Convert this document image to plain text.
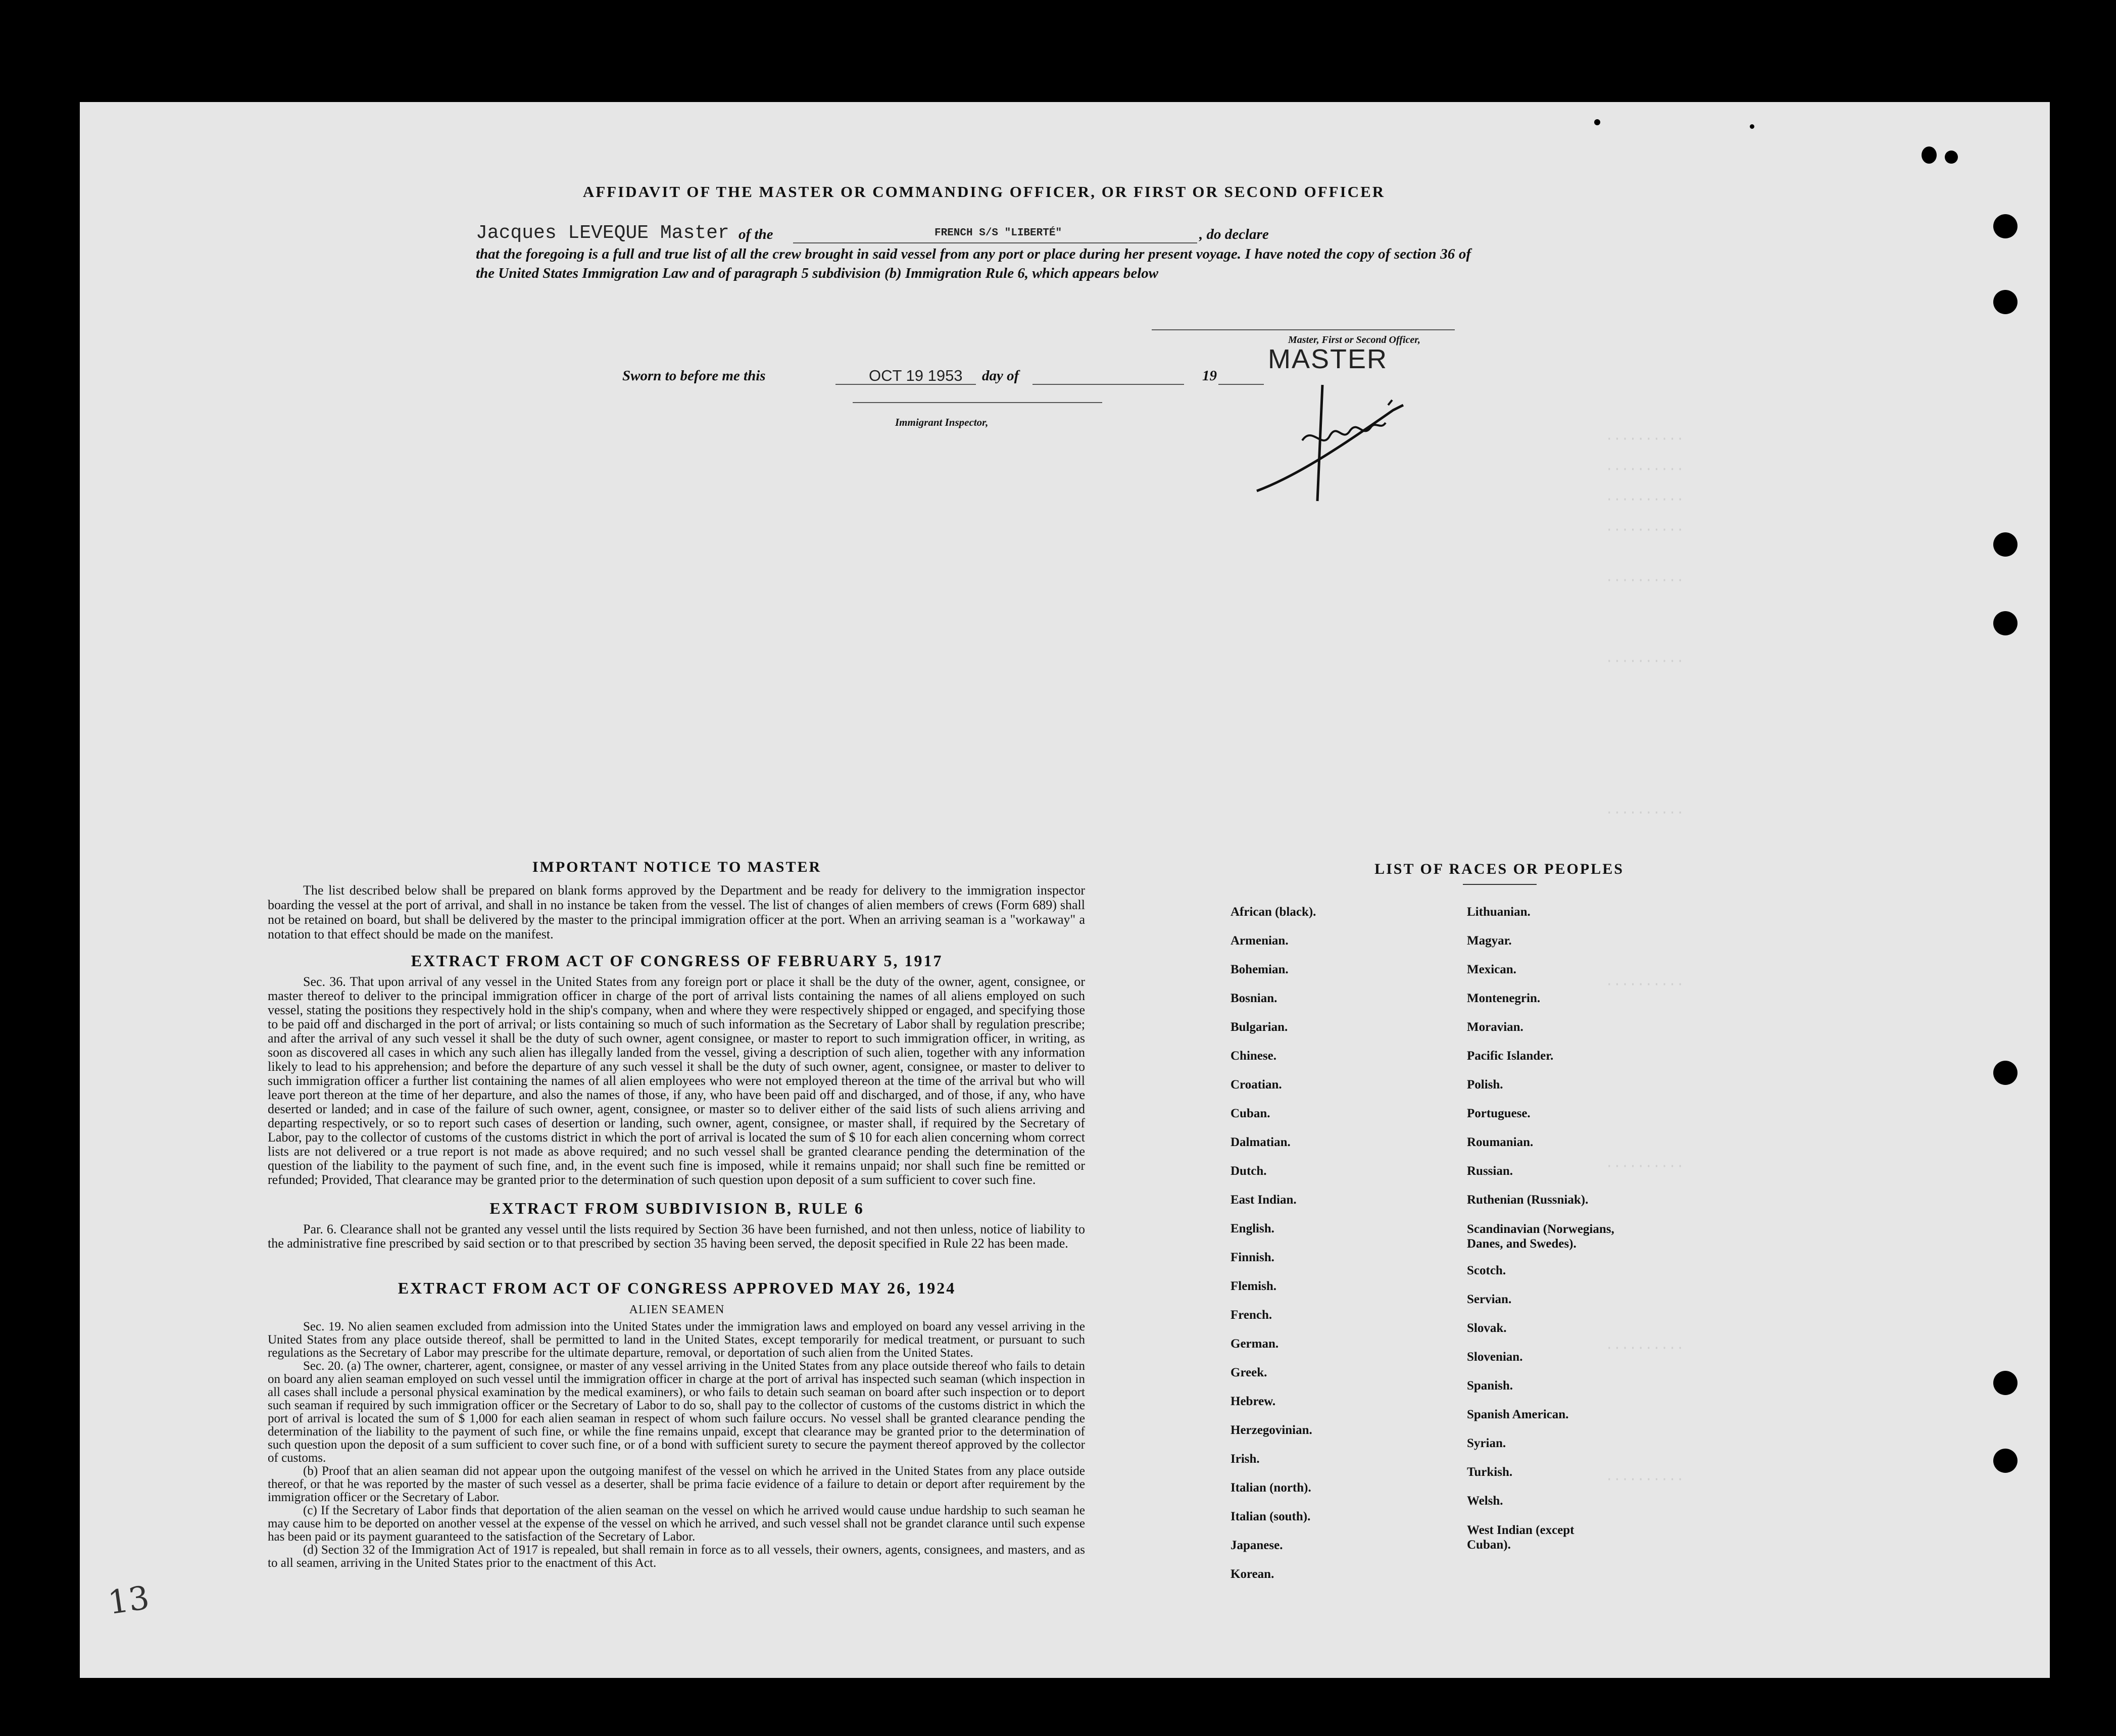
··········
··········
··········
··········
··········
··········
··········
··········
··········
··········
··········
AFFIDAVIT OF THE MASTER OR COMMANDING OFFICER, OR FIRST OR SECOND OFFICER
Jacques LEVEQUE Master of the	FRENCH S/S "LIBERTÉ"	, do declare
that the foregoing is a full and true list of all the crew brought in said vessel from any port or place during her present voyage. I have noted the copy of section 36 of the United States Immigration Law and of paragraph 5 subdivision (b) Immigration Rule 6, which appears below
Master, First or Second Officer,
MASTER
Sworn to before me this	OCT 19 1953 day of	19
Immigrant Inspector,
IMPORTANT NOTICE TO MASTER

The list described below shall be prepared on blank forms approved by the Department and be ready for delivery to the immigration inspector boarding the vessel at the port of arrival, and shall in no instance be taken from the vessel. The list of changes of alien members of crews (Form 689) shall not be retained on board, but shall be delivered by the master to the principal immigration officer at the port. When an arriving seaman is a "workaway" a notation to that effect should be made on the manifest.

EXTRACT FROM ACT OF CONGRESS OF FEBRUARY 5, 1917

Sec. 36. That upon arrival of any vessel in the United States from any foreign port or place it shall be the duty of the owner, agent, consignee, or master thereof to deliver to the principal immigration officer in charge of the port of arrival lists containing the names of all aliens employed on such vessel, stating the positions they respectively hold in the ship's company, when and where they were respectively shipped or engaged, and specifying those to be paid off and discharged in the port of arrival; or lists containing so much of such information as the Secretary of Labor shall by regulation prescribe; and after the arrival of any such vessel it shall be the duty of such owner, agent consignee, or master to report to such immigration officer, in writing, as soon as discovered all cases in which any such alien has illegally landed from the vessel, giving a description of such alien, together with any information likely to lead to his apprehension; and before the departure of any such vessel it shall be the duty of such owner, agent, consignee, or master to deliver to such immigration officer a further list containing the names of all alien employees who were not employed thereon at the time of the arrival but who will leave port thereon at the time of her departure, and also the names of those, if any, who have been paid off and discharged, and of those, if any, who have deserted or landed; and in case of the failure of such owner, agent, consignee, or master so to deliver either of the said lists of such aliens arriving and departing respectively, or so to report such cases of desertion or landing, such owner, agent, consignee, or master shall, if required by the Secretary of Labor, pay to the collector of customs of the customs district in which the port of arrival is located the sum of $ 10 for each alien concerning whom correct lists are not delivered or a true report is not made as above required; and no such vessel shall be granted clearance pending the determination of the question of the liability to the payment of such fine, and, in the event such fine is imposed, while it remains unpaid; nor shall such fine be remitted or refunded; Provided, That clearance may be granted prior to the determination of such question upon deposit of a sum sufficient to cover such fine.

EXTRACT FROM SUBDIVISION B, RULE 6

Par. 6. Clearance shall not be granted any vessel until the lists required by Section 36 have been furnished, and not then unless, notice of liability to the administrative fine prescribed by said section or to that prescribed by section 35 having been served, the deposit specified in Rule 22 has been made.

EXTRACT FROM ACT OF CONGRESS APPROVED MAY 26, 1924
ALIEN SEAMEN

Sec. 19. No alien seamen excluded from admission into the United States under the immigration laws and employed on board any vessel arriving in the United States from any place outside thereof, shall be permitted to land in the United States, except temporarily for medical treatment, or pursuant to such regulations as the Secretary of Labor may prescribe for the ultimate departure, removal, or deportation of such alien from the United States.

Sec. 20. (a) The owner, charterer, agent, consignee, or master of any vessel arriving in the United States from any place outside thereof who fails to detain on board any alien seaman employed on such vessel until the immigration officer in charge at the port of arrival has inspected such seaman (which inspection in all cases shall include a personal physical examination by the medical examiners), or who fails to detain such seaman on board after such inspection or to deport such seaman if required by such immigration officer or the Secretary of Labor to do so, shall pay to the collector of customs of the customs district in which the port of arrival is located the sum of $ 1,000 for each alien seaman in respect of whom such failure occurs. No vessel shall be granted clearance pending the determination of the liability to the payment of such fine, or while the fine remains unpaid, except that clearance may be granted prior to the determination of such question upon the deposit of a sum sufficient to cover such fine, or of a bond with sufficient surety to secure the payment thereof approved by the collector of customs.

(b) Proof that an alien seaman did not appear upon the outgoing manifest of the vessel on which he arrived in the United States from any place outside thereof, or that he was reported by the master of such vessel as a deserter, shall be prima facie evidence of a failure to detain or deport after requirement by the immigration officer or the Secretary of Labor.

(c) If the Secretary of Labor finds that deportation of the alien seaman on the vessel on which he arrived would cause undue hardship to such seaman he may cause him to be deported on another vessel at the expense of the vessel on which he arrived, and such vessel shall not be grandet clarance until such expense has been paid or its payment guaranteed to the satisfaction of the Secretary of Labor.

(d) Section 32 of the Immigration Act of 1917 is repealed, but shall remain in force as to all vessels, their owners, agents, consignees, and masters, and as to all seamen, arriving in the United States prior to the enactment of this Act.

LIST OF RACES OR PEOPLES
African (black).
Armenian.
Bohemian.
Bosnian.
Bulgarian.
Chinese.
Croatian.
Cuban.
Dalmatian.
Dutch.
East Indian.
English.
Finnish.
Flemish.
French.
German.
Greek.
Hebrew.
Herzegovinian.
Irish.
Italian (north).
Italian (south).
Japanese.
Korean.
Lithuanian.
Magyar.
Mexican.
Montenegrin.
Moravian.
Pacific Islander.
Polish.
Portuguese.
Roumanian.
Russian.
Ruthenian (Russniak).
Scandinavian (Norwegians, Danes, and Swedes).
Scotch.
Servian.
Slovak.
Slovenian.
Spanish.
Spanish American.
Syrian.
Turkish.
Welsh.
West Indian (except Cuban).
13
